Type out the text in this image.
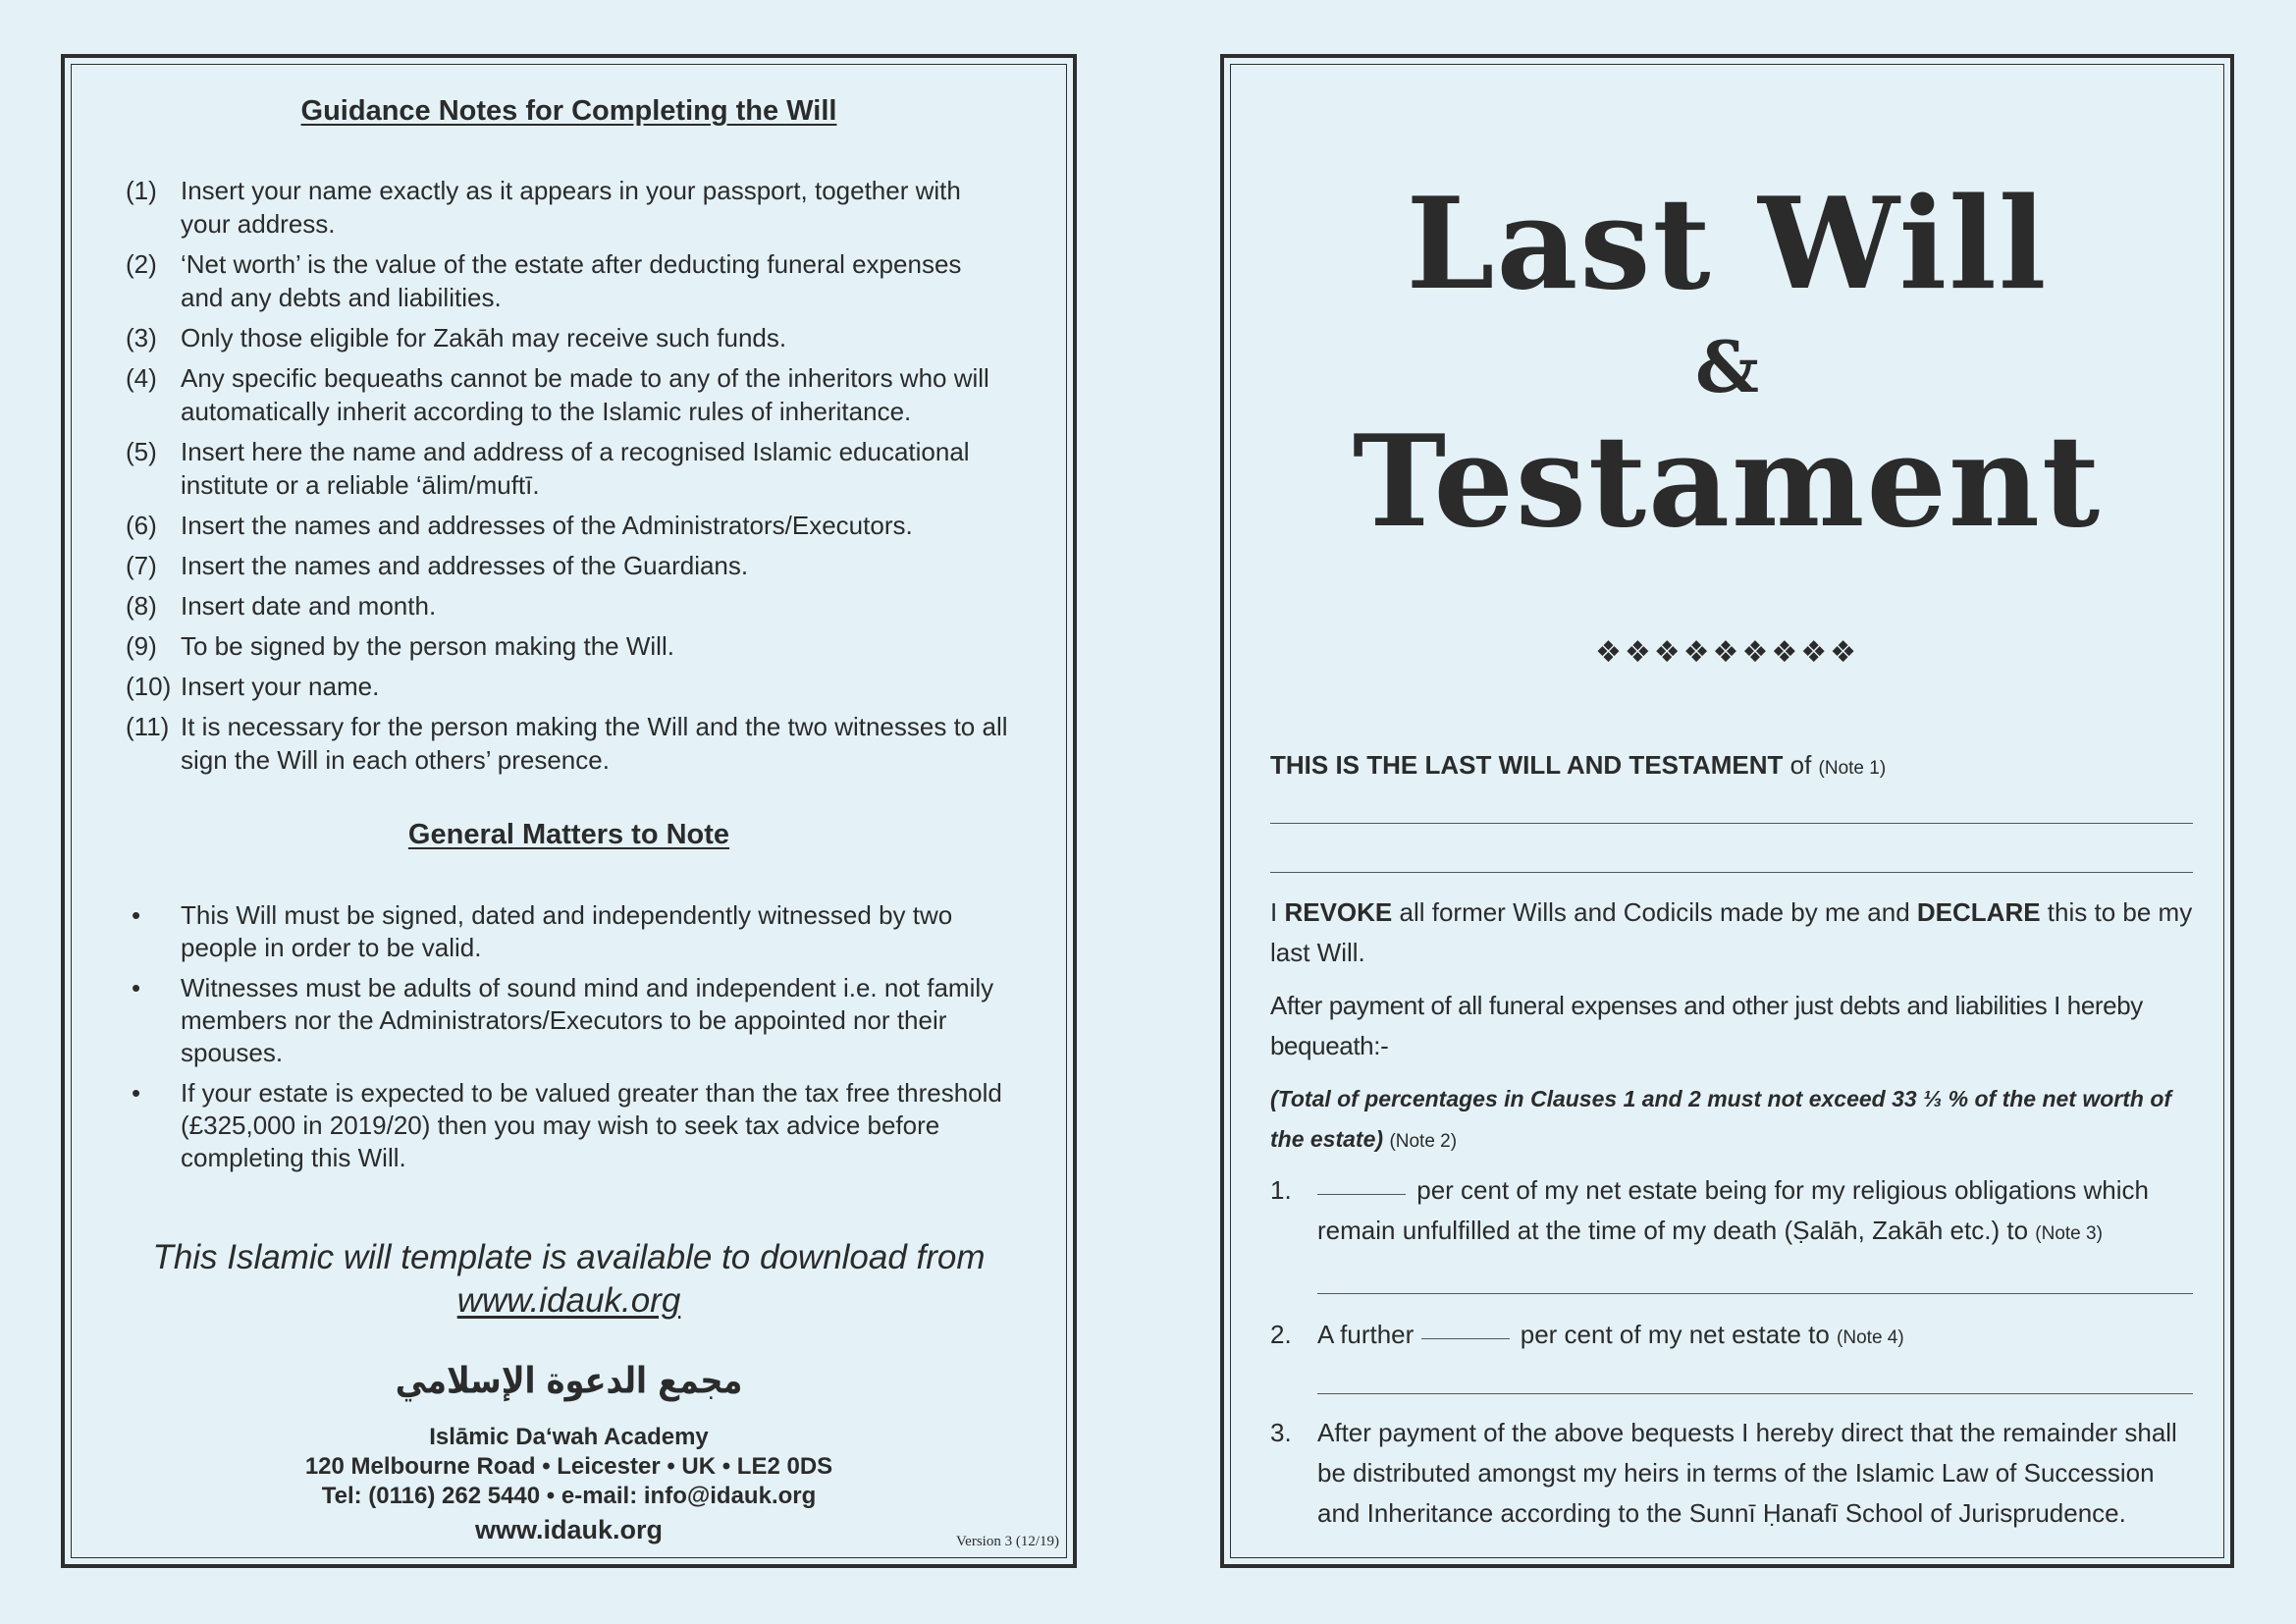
Guidance Notes for Completing the Will
(1) Insert your name exactly as it appears in your passport, together with your address.
(2) ‘Net worth’ is the value of the estate after deducting funeral expenses and any debts and liabilities.
(3) Only those eligible for Zakāh may receive such funds.
(4) Any specific bequeaths cannot be made to any of the inheritors who will automatically inherit according to the Islamic rules of inheritance.
(5) Insert here the name and address of a recognised Islamic educational institute or a reliable ‘ālim/muftī.
(6) Insert the names and addresses of the Administrators/Executors.
(7) Insert the names and addresses of the Guardians.
(8) Insert date and month.
(9) To be signed by the person making the Will.
(10) Insert your name.
(11) It is necessary for the person making the Will and the two witnesses to all sign the Will in each others’ presence.
General Matters to Note
•	This Will must be signed, dated and independently witnessed by two people in order to be valid.
•	Witnesses must be adults of sound mind and independent i.e. not family members nor the Administrators/Executors to be appointed nor their spouses.
•	If your estate is expected to be valued greater than the tax free threshold (£325,000 in 2019/20) then you may wish to seek tax advice before completing this Will.
This Islamic will template is available to download from
www.idauk.org
مجمع الدعوة الإسلامي
Islāmic Da‘wah Academy
120 Melbourne Road • Leicester • UK • LE2 0DS
Tel: (0116) 262 5440 • e-mail: info@idauk.org
www.idauk.org	Version 3 (12/19)
Last Will
&
Testament
❖❖❖❖❖❖❖❖❖
THIS IS THE LAST WILL AND TESTAMENT of (Note 1)
I REVOKE all former Wills and Codicils made by me and DECLARE this to be my last Will.
After payment of all funeral expenses and other just debts and liabilities I hereby bequeath:-
(Total of percentages in Clauses 1 and 2 must not exceed 33 ⅓ % of the net worth of the estate) (Note 2)
1.	per cent of my net estate being for my religious obligations which remain unfulfilled at the time of my death (Ṣalāh, Zakāh etc.) to (Note 3)
2.	A further	per cent of my net estate to (Note 4)
3.	After payment of the above bequests I hereby direct that the remainder shall be distributed amongst my heirs in terms of the Islamic Law of Succession and Inheritance according to the Sunnī Ḥanafī School of Jurisprudence.
